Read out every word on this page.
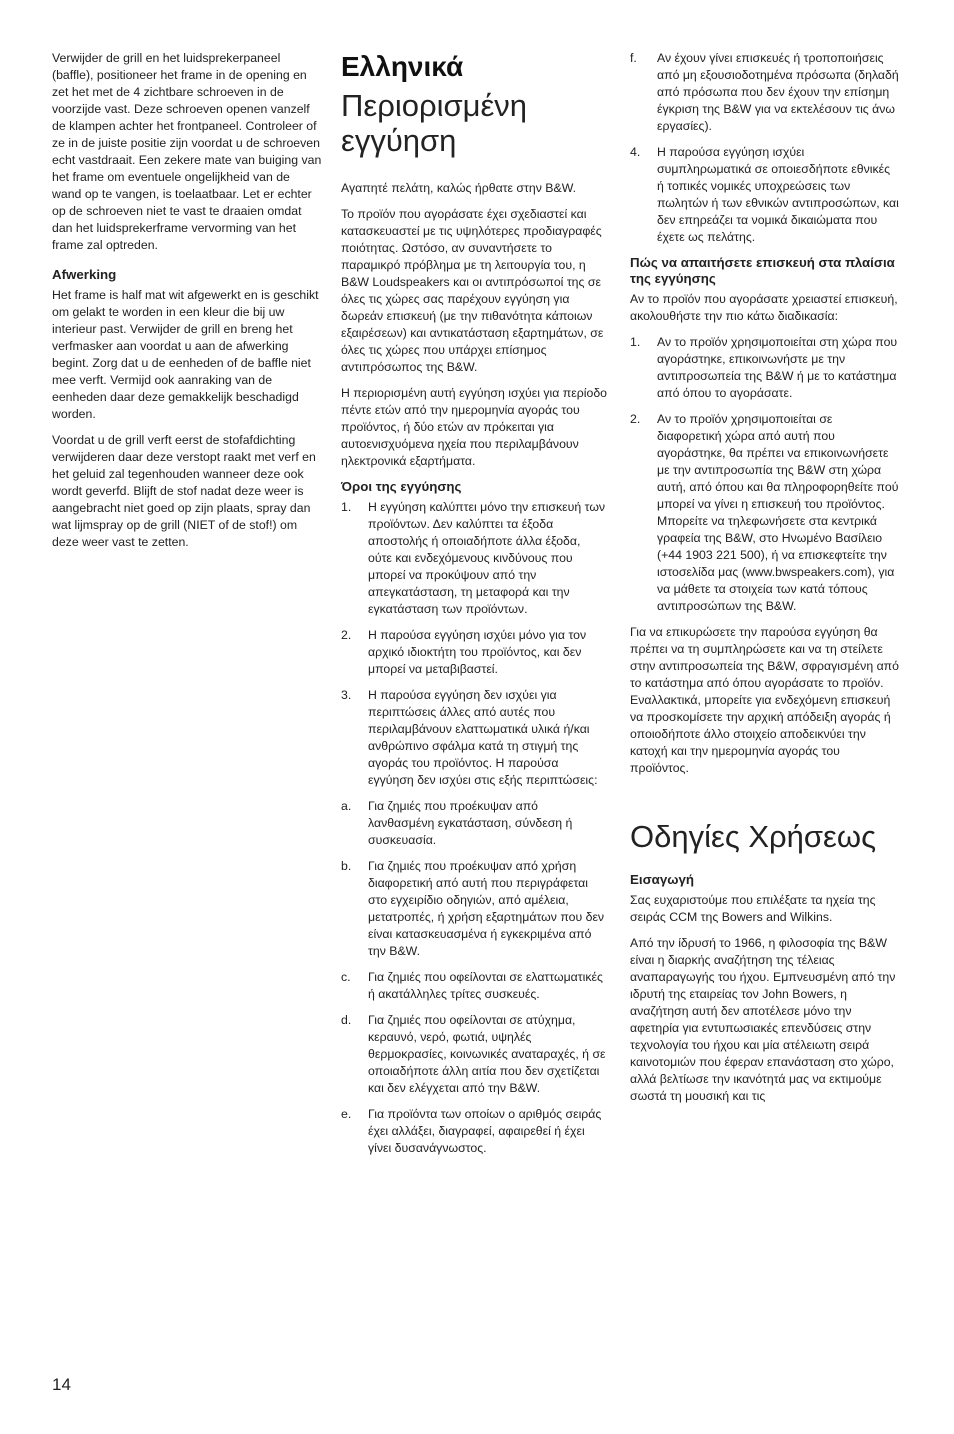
Verwijder de grill en het luidsprekerpaneel (baffle), positioneer het frame in de opening en zet het met de 4 zichtbare schroeven in de voorzijde vast. Deze schroeven openen vanzelf de klampen achter het frontpaneel. Controleer of ze in de juiste positie zijn voordat u de schroeven echt vastdraait. Een zekere mate van buiging van het frame om eventuele ongelijkheid van de wand op te vangen, is toelaatbaar. Let er echter op de schroeven niet te vast te draaien omdat dan het luidsprekerframe vervorming van het frame zal optreden.

Afwerking

Het frame is half mat wit afgewerkt en is geschikt om gelakt te worden in een kleur die bij uw interieur past. Verwijder de grill en breng het verfmasker aan voordat u aan de afwerking begint. Zorg dat u de eenheden of de baffle niet mee verft. Vermijd ook aanraking van de eenheden daar deze gemakkelijk beschadigd worden.

Voordat u de grill verft eerst de stofafdichting verwijderen daar deze verstopt raakt met verf en het geluid zal tegenhouden wanneer deze ook wordt geverfd. Blijft de stof nadat deze weer is aangebracht niet goed op zijn plaats, spray dan wat lijmspray op de grill (NIET of de stof!) om deze weer vast te zetten.

Ελληνικά
Περιορισμένη εγγύηση

Αγαπητέ πελάτη, καλώς ήρθατε στην B&W.

Το προϊόν που αγοράσατε έχει σχεδιαστεί και κατασκευαστεί με τις υψηλότερες προδιαγραφές ποιότητας. Ωστόσο, αν συναντήσετε το παραμικρό πρόβλημα με τη λειτουργία του, η B&W Loudspeakers και οι αντιπρόσωποί της σε όλες τις χώρες σας παρέχουν εγγύηση για δωρεάν επισκευή (με την πιθανότητα κάποιων εξαιρέσεων) και αντικατάσταση εξαρτημάτων, σε όλες τις χώρες που υπάρχει επίσημος αντιπρόσωπος της B&W.

Η περιορισμένη αυτή εγγύηση ισχύει για περίοδο πέντε ετών από την ημερομηνία αγοράς του προϊόντος, ή δύο ετών αν πρόκειται για αυτοενισχυόμενα ηχεία που περιλαμβάνουν ηλεκτρονικά εξαρτήματα.

Όροι της εγγύησης
1.	Η εγγύηση καλύπτει μόνο την επισκευή των προϊόντων. Δεν καλύπτει τα έξοδα αποστολής ή οποιαδήποτε άλλα έξοδα, ούτε και ενδεχόμενους κινδύνους που μπορεί να προκύψουν από την απεγκατάσταση, τη μεταφορά και την εγκατάσταση των προϊόντων.
2.	Η παρούσα εγγύηση ισχύει μόνο για τον αρχικό ιδιοκτήτη του προϊόντος, και δεν μπορεί να μεταβιβαστεί.
3.	Η παρούσα εγγύηση δεν ισχύει για περιπτώσεις άλλες από αυτές που περιλαμβάνουν ελαττωματικά υλικά ή/και ανθρώπινο σφάλμα κατά τη στιγμή της αγοράς του προϊόντος. Η παρούσα εγγύηση δεν ισχύει στις εξής περιπτώσεις:
a.	Για ζημιές που προέκυψαν από λανθασμένη εγκατάσταση, σύνδεση ή συσκευασία.
b.	Για ζημιές που προέκυψαν από χρήση διαφορετική από αυτή που περιγράφεται στο εγχειρίδιο οδηγιών, από αμέλεια, μετατροπές, ή χρήση εξαρτημάτων που δεν είναι κατασκευασμένα ή εγκεκριμένα από την B&W.
c.	Για ζημιές που οφείλονται σε ελαττωματικές ή ακατάλληλες τρίτες συσκευές.
d.	Για ζημιές που οφείλονται σε ατύχημα, κεραυνό, νερό, φωτιά, υψηλές θερμοκρασίες, κοινωνικές αναταραχές, ή σε οποιαδήποτε άλλη αιτία που δεν σχετίζεται και δεν ελέγχεται από την B&W.
e.	Για προϊόντα των οποίων ο αριθμός σειράς έχει αλλάξει, διαγραφεί, αφαιρεθεί ή έχει γίνει δυσανάγνωστος.
f.	Αν έχουν γίνει επισκευές ή τροποποιήσεις από μη εξουσιοδοτημένα πρόσωπα (δηλαδή από πρόσωπα που δεν έχουν την επίσημη έγκριση της B&W για να εκτελέσουν τις άνω εργασίες).
4.	Η παρούσα εγγύηση ισχύει συμπληρωματικά σε οποιεσδήποτε εθνικές ή τοπικές νομικές υποχρεώσεις των πωλητών ή των εθνικών αντιπροσώπων, και δεν επηρεάζει τα νομικά δικαιώματα που έχετε ως πελάτης.
Πώς να απαιτήσετε επισκευή στα πλαίσια της εγγύησης

Αν το προϊόν που αγοράσατε χρειαστεί επισκευή, ακολουθήστε την πιο κάτω διαδικασία:

1.	Αν το προϊόν χρησιμοποιείται στη χώρα που αγοράστηκε, επικοινωνήστε με την αντιπροσωπεία της B&W ή με το κατάστημα από όπου το αγοράσατε.
2.	Αν το προϊόν χρησιμοποιείται σε διαφορετική χώρα από αυτή που αγοράστηκε, θα πρέπει να επικοινωνήσετε με την αντιπροσωπία της B&W στη χώρα αυτή, από όπου και θα πληροφορηθείτε πού μπορεί να γίνει η επισκευή του προϊόντος. Μπορείτε να τηλεφωνήσετε στα κεντρικά γραφεία της B&W, στο Ηνωμένο Βασίλειο (+44 1903 221 500), ή να επισκεφτείτε την ιστοσελίδα μας (www.bwspeakers.com), για να μάθετε τα στοιχεία των κατά τόπους αντιπροσώπων της B&W.

Για να επικυρώσετε την παρούσα εγγύηση θα πρέπει να τη συμπληρώσετε και να τη στείλετε στην αντιπροσωπεία της B&W, σφραγισμένη από το κατάστημα από όπου αγοράσατε το προϊόν. Εναλλακτικά, μπορείτε για ενδεχόμενη επισκευή να προσκομίσετε την αρχική απόδειξη αγοράς ή οποιοδήποτε άλλο στοιχείο αποδεικνύει την κατοχή και την ημερομηνία αγοράς του προϊόντος.

Οδηγίες Χρήσεως
Εισαγωγή

Σας ευχαριστούμε που επιλέξατε τα ηχεία της σειράς CCM της Bowers and Wilkins.

Από την ίδρυσή το 1966, η φιλοσοφία της B&W είναι η διαρκής αναζήτηση της τέλειας αναπαραγωγής του ήχου. Εμπνευσμένη από την ιδρυτή της εταιρείας τον John Bowers, η αναζήτηση αυτή δεν αποτέλεσε μόνο την αφετηρία για εντυπωσιακές επενδύσεις στην τεχνολογία του ήχου και μία ατέλειωτη σειρά καινοτομιών που έφεραν επανάσταση στο χώρο, αλλά βελτίωσε την ικανότητά μας να εκτιμούμε σωστά τη μουσική και τις

14
